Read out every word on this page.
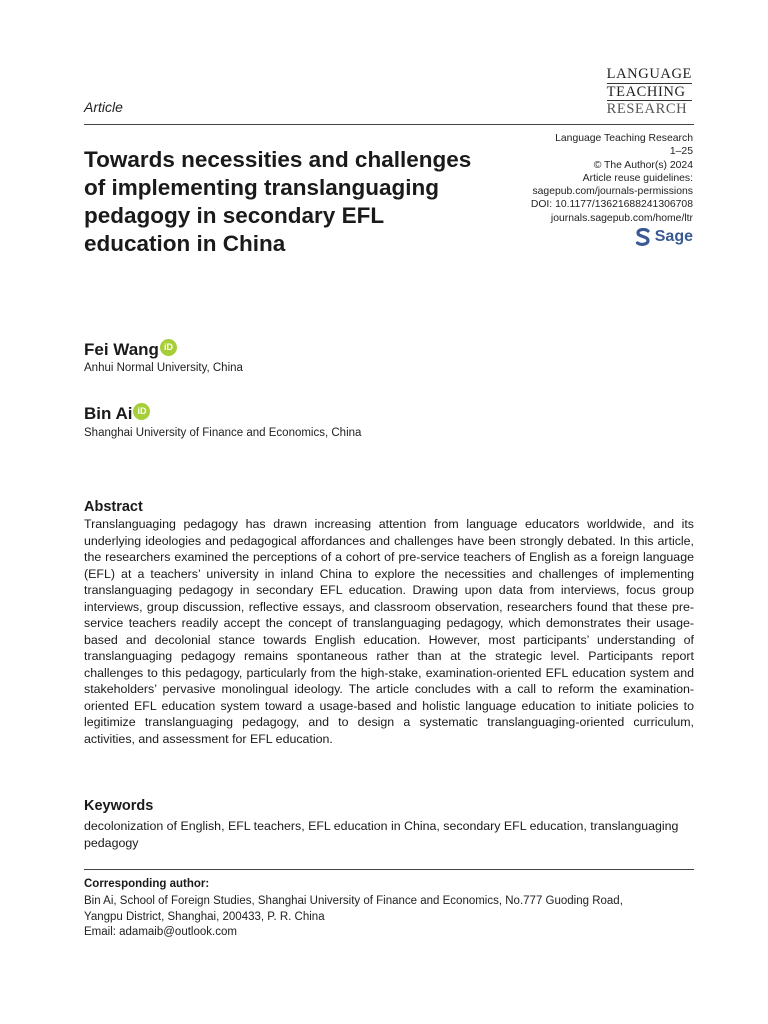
LANGUAGE
TEACHING
RESEARCH
Article
Towards necessities and challenges of implementing translanguaging pedagogy in secondary EFL education in China
Language Teaching Research
1–25
© The Author(s) 2024
Article reuse guidelines:
sagepub.com/journals-permissions
DOI: 10.1177/13621688241306708
journals.sagepub.com/home/ltr
Sage
Fei Wang iD
Anhui Normal University, China
Bin Ai iD
Shanghai University of Finance and Economics, China
Abstract
Translanguaging pedagogy has drawn increasing attention from language educators worldwide, and its underlying ideologies and pedagogical affordances and challenges have been strongly debated. In this article, the researchers examined the perceptions of a cohort of pre-service teachers of English as a foreign language (EFL) at a teachers’ university in inland China to explore the necessities and challenges of implementing translanguaging pedagogy in secondary EFL education. Drawing upon data from interviews, focus group interviews, group discussion, reflective essays, and classroom observation, researchers found that these pre-service teachers readily accept the concept of translanguaging pedagogy, which demonstrates their usage-based and decolonial stance towards English education. However, most participants’ understanding of translanguaging pedagogy remains spontaneous rather than at the strategic level. Participants report challenges to this pedagogy, particularly from the high-stake, examination-oriented EFL education system and stakeholders’ pervasive monolingual ideology. The article concludes with a call to reform the examination-oriented EFL education system toward a usage-based and holistic language education to initiate policies to legitimize translanguaging pedagogy, and to design a systematic translanguaging-oriented curriculum, activities, and assessment for EFL education.
Keywords
decolonization of English, EFL teachers, EFL education in China, secondary EFL education, translanguaging pedagogy
Corresponding author:
Bin Ai, School of Foreign Studies, Shanghai University of Finance and Economics, No.777 Guoding Road,
Yangpu District, Shanghai, 200433, P. R. China
Email: adamaib@outlook.com
